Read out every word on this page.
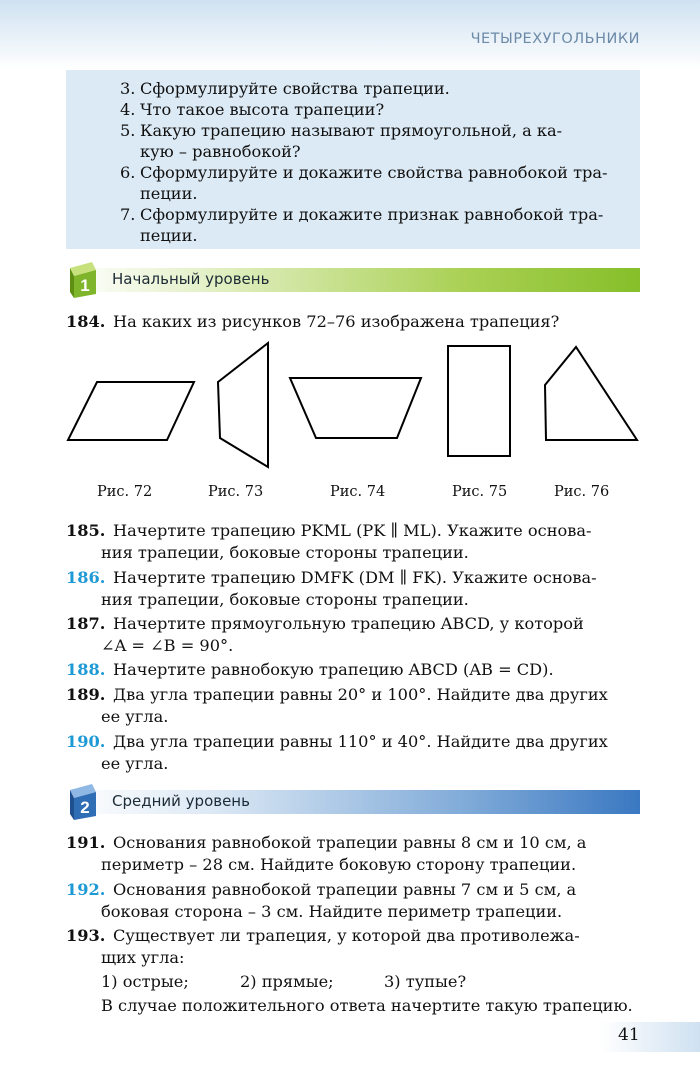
ЧЕТЫРЕХУГОЛЬНИКИ
3. Сформулируйте свойства трапеции.
4. Что такое высота трапеции?
5. Какую трапецию называют прямоугольной, а ка-
кую – равнобокой?
6. Сформулируйте и докажите свойства равнобокой тра-
пеции.
7. Сформулируйте и докажите признак равнобокой тра-
пеции.
1 Начальный уровень
184. На каких из рисунков 72–76 изображена трапеция?
Рис. 72	Рис. 73	Рис. 74	Рис. 75	Рис. 76
185. Начертите трапецию PKML (PK ∥ ML). Укажите основа-
ния трапеции, боковые стороны трапеции.
186. Начертите трапецию DMFK (DM ∥ FK). Укажите основа-
ния трапеции, боковые стороны трапеции.
187. Начертите прямоугольную трапецию ABCD, у которой
∠A = ∠B = 90°.
188. Начертите равнобокую трапецию ABCD (AB = CD).
189. Два угла трапеции равны 20° и 100°. Найдите два других
ее угла.
190. Два угла трапеции равны 110° и 40°. Найдите два других
ее угла.
2 Средний уровень
191. Основания равнобокой трапеции равны 8 см и 10 см, а
периметр – 28 см. Найдите боковую сторону трапеции.
192. Основания равнобокой трапеции равны 7 см и 5 см, а
боковая сторона – 3 см. Найдите периметр трапеции.
193. Существует ли трапеция, у которой два противолежа-
щих угла:
1) острые;	2) прямые;	3) тупые?
В случае положительного ответа начертите такую трапецию.
41
